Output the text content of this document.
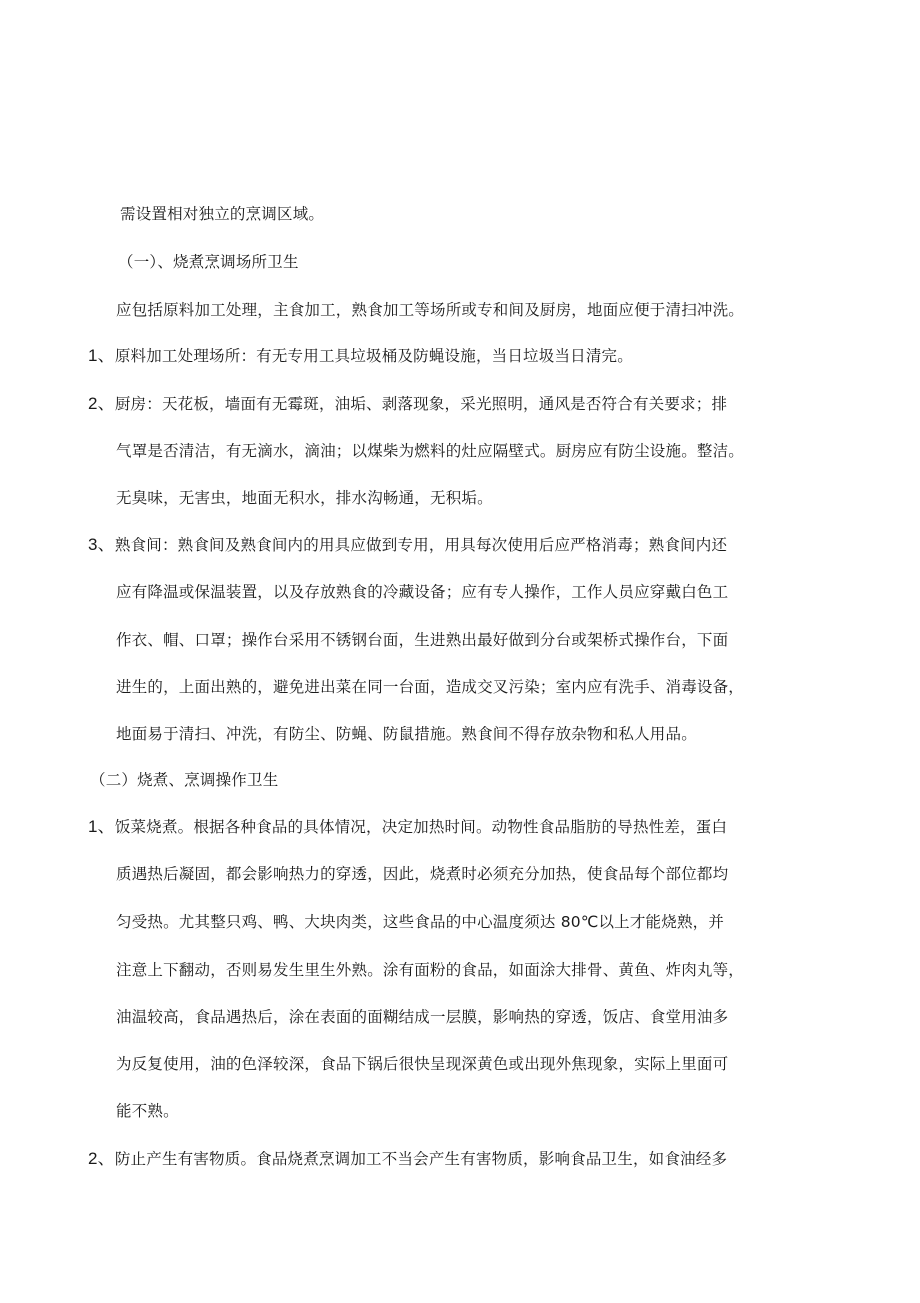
需设置相对独立的烹调区域。
（一）、烧煮烹调场所卫生
应包括原料加工处理，主食加工，熟食加工等场所或专和间及厨房，地面应便于清扫冲洗。
1、原料加工处理场所：有无专用工具垃圾桶及防蝇设施，当日垃圾当日清完。
2、厨房：天花板，墙面有无霉斑，油垢、剥落现象，采光照明，通风是否符合有关要求；排
气罩是否清洁，有无滴水，滴油；以煤柴为燃料的灶应隔壁式。厨房应有防尘设施。整洁。
无臭味，无害虫，地面无积水，排水沟畅通，无积垢。
3、熟食间：熟食间及熟食间内的用具应做到专用，用具每次使用后应严格消毒；熟食间内还
应有降温或保温装置，以及存放熟食的冷藏设备；应有专人操作，工作人员应穿戴白色工
作衣、帽、口罩；操作台采用不锈钢台面，生进熟出最好做到分台或架桥式操作台，下面
进生的，上面出熟的，避免进出菜在同一台面，造成交叉污染；室内应有洗手、消毒设备，
地面易于清扫、冲洗，有防尘、防蝇、防鼠措施。熟食间不得存放杂物和私人用品。
（二）烧煮、烹调操作卫生
1、饭菜烧煮。根据各种食品的具体情况，决定加热时间。动物性食品脂肪的导热性差，蛋白
质遇热后凝固，都会影响热力的穿透，因此，烧煮时必须充分加热，使食品每个部位都均
匀受热。尤其整只鸡、鸭、大块肉类，这些食品的中心温度须达 80℃以上才能烧熟，并
注意上下翻动，否则易发生里生外熟。涂有面粉的食品，如面涂大排骨、黄鱼、炸肉丸等，
油温较高，食品遇热后，涂在表面的面糊结成一层膜，影响热的穿透，饭店、食堂用油多
为反复使用，油的色泽较深，食品下锅后很快呈现深黄色或出现外焦现象，实际上里面可
能不熟。
2、防止产生有害物质。食品烧煮烹调加工不当会产生有害物质，影响食品卫生，如食油经多
